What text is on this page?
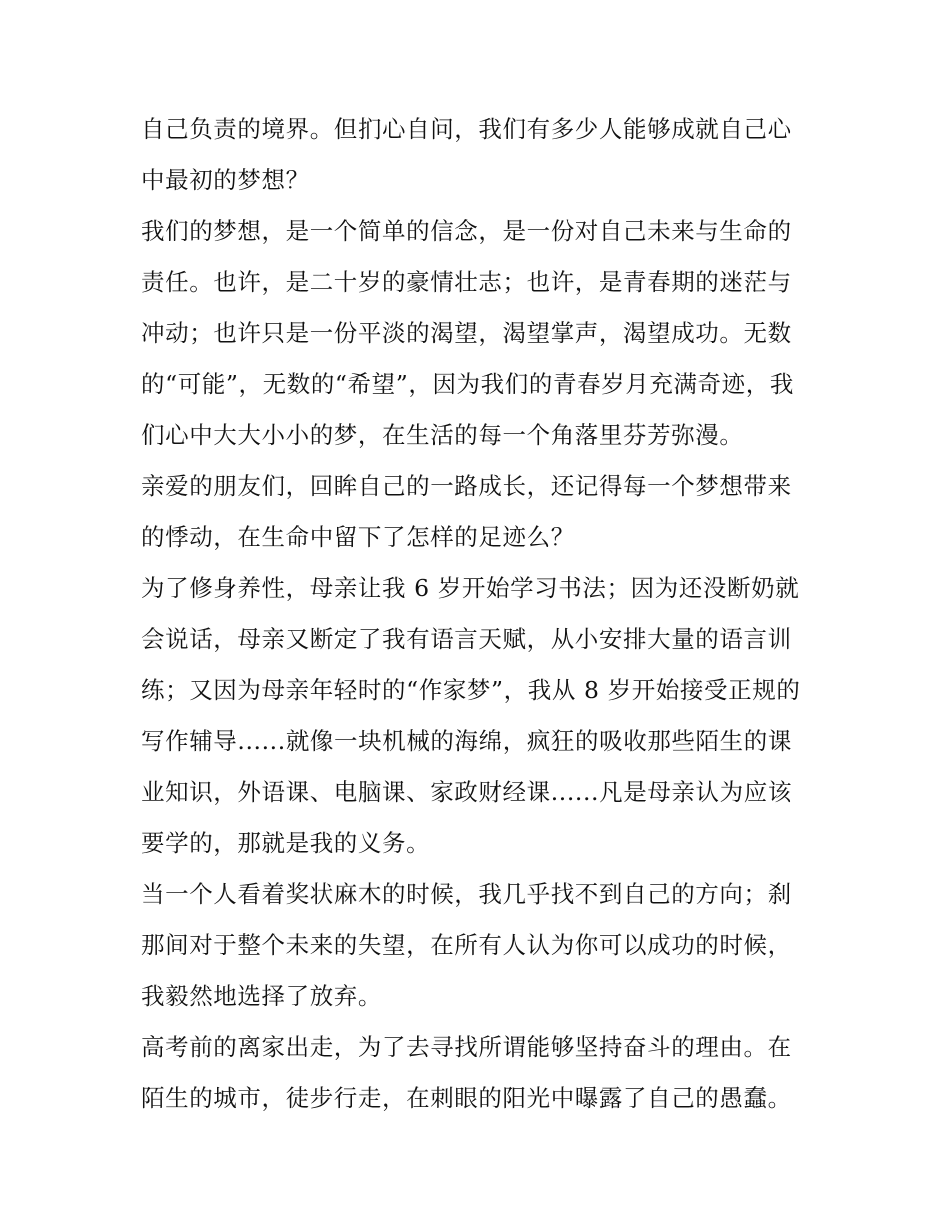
自己负责的境界。但扪心自问，我们有多少人能够成就自己心
中最初的梦想？
我们的梦想，是一个简单的信念，是一份对自己未来与生命的
责任。也许，是二十岁的豪情壮志；也许，是青春期的迷茫与
冲动；也许只是一份平淡的渴望，渴望掌声，渴望成功。无数
的“可能”，无数的“希望”，因为我们的青春岁月充满奇迹，我
们心中大大小小的梦，在生活的每一个角落里芬芳弥漫。
亲爱的朋友们，回眸自己的一路成长，还记得每一个梦想带来
的悸动，在生命中留下了怎样的足迹么？
为了修身养性，母亲让我 6 岁开始学习书法；因为还没断奶就
会说话，母亲又断定了我有语言天赋，从小安排大量的语言训
练；又因为母亲年轻时的“作家梦”，我从 8 岁开始接受正规的
写作辅导......就像一块机械的海绵，疯狂的吸收那些陌生的课
业知识，外语课、电脑课、家政财经课......凡是母亲认为应该
要学的，那就是我的义务。
当一个人看着奖状麻木的时候，我几乎找不到自己的方向；刹
那间对于整个未来的失望，在所有人认为你可以成功的时候，
我毅然地选择了放弃。
高考前的离家出走，为了去寻找所谓能够坚持奋斗的理由。在
陌生的城市，徒步行走，在刺眼的阳光中曝露了自己的愚蠢。
